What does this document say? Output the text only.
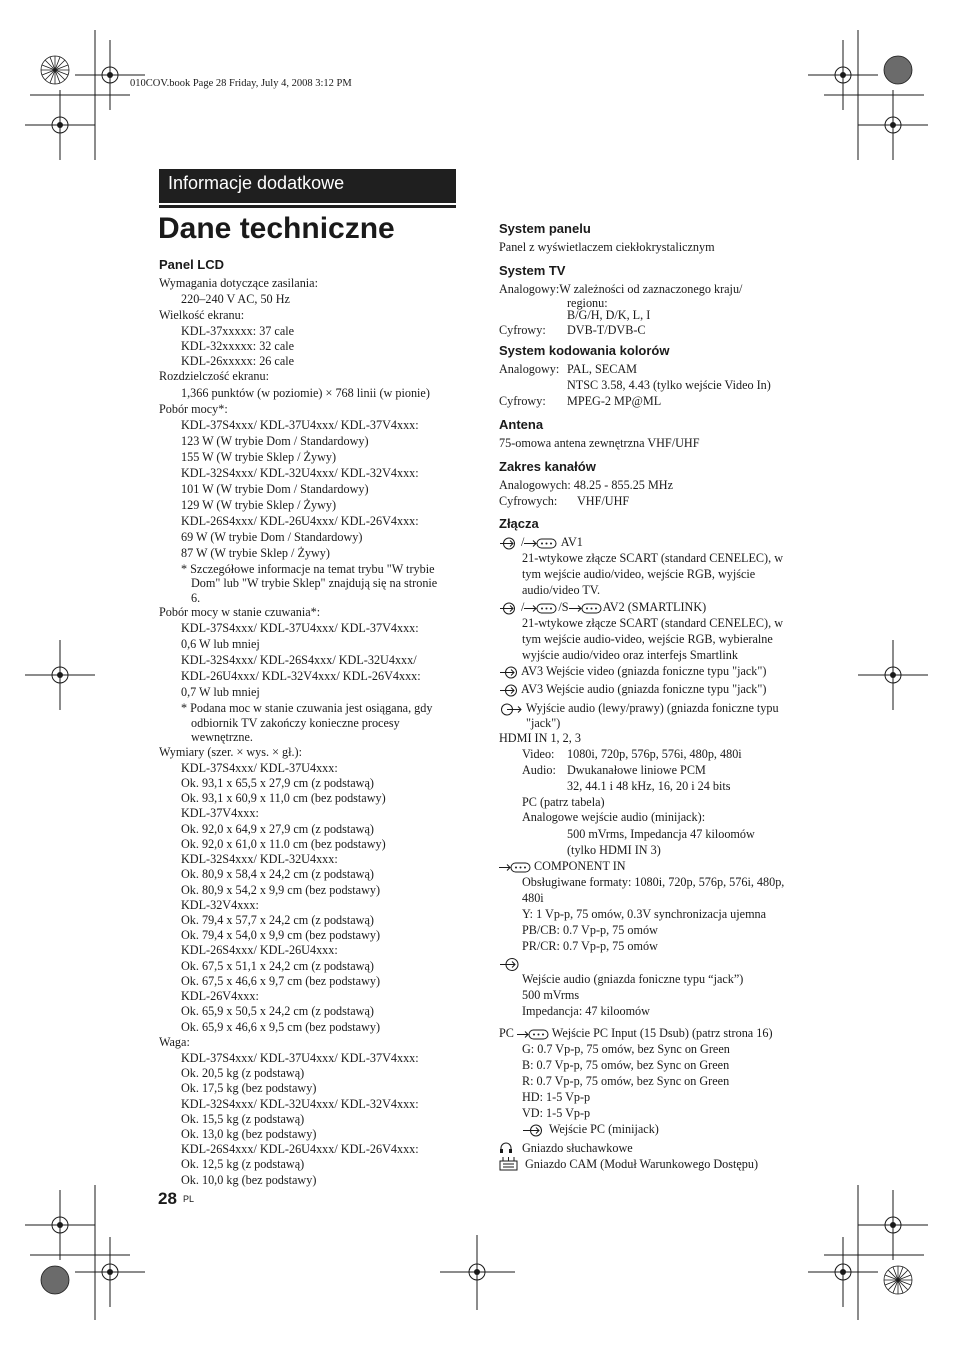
010COV.book Page 28 Friday, July 4, 2008 3:12 PM
Informacje dodatkowe
Dane techniczne
Panel LCD
Wymagania dotyczące zasilania:
220–240 V AC, 50 Hz
Wielkość ekranu:
KDL-37xxxxx: 37 cale
KDL-32xxxxx: 32 cale
KDL-26xxxxx: 26 cale
Rozdzielczość ekranu:
1,366 punktów (w poziomie) × 768 linii (w pionie)
Pobór mocy*:
KDL-37S4xxx/ KDL-37U4xxx/ KDL-37V4xxx:
123 W (W trybie Dom / Standardowy)
155 W (W trybie Sklep / Żywy)
KDL-32S4xxx/ KDL-32U4xxx/ KDL-32V4xxx:
101 W (W trybie Dom / Standardowy)
129 W (W trybie Sklep / Żywy)
KDL-26S4xxx/ KDL-26U4xxx/ KDL-26V4xxx:
69 W (W trybie Dom / Standardowy)
87 W (W trybie Sklep / Żywy)
* Szczegółowe informacje na temat trybu "W trybie
Dom" lub "W trybie Sklep" znajdują się na stronie
6.
Pobór mocy w stanie czuwania*:
KDL-37S4xxx/ KDL-37U4xxx/ KDL-37V4xxx:
0,6 W lub mniej
KDL-32S4xxx/ KDL-26S4xxx/ KDL-32U4xxx/
KDL-26U4xxx/ KDL-32V4xxx/ KDL-26V4xxx:
0,7 W lub mniej
* Podana moc w stanie czuwania jest osiągana, gdy
odbiornik TV zakończy konieczne procesy
wewnętrzne.
Wymiary (szer. × wys. × gł.):
KDL-37S4xxx/ KDL-37U4xxx:
Ok. 93,1 x 65,5 x 27,9 cm (z podstawą)
Ok. 93,1 x 60,9 x 11,0 cm (bez podstawy)
KDL-37V4xxx:
Ok. 92,0 x 64,9 x 27,9 cm (z podstawą)
Ok. 92,0 x 61,0 x 11.0 cm (bez podstawy)
KDL-32S4xxx/ KDL-32U4xxx:
Ok. 80,9 x 58,4 x 24,2 cm (z podstawą)
Ok. 80,9 x 54,2 x 9,9 cm (bez podstawy)
KDL-32V4xxx:
Ok. 79,4 x 57,7 x 24,2 cm (z podstawą)
Ok. 79,4 x 54,0 x 9,9 cm (bez podstawy)
KDL-26S4xxx/ KDL-26U4xxx:
Ok. 67,5 x 51,1 x 24,2 cm (z podstawą)
Ok. 67,5 x 46,6 x 9,7 cm (bez podstawy)
KDL-26V4xxx:
Ok. 65,9 x 50,5 x 24,2 cm (z podstawą)
Ok. 65,9 x 46,6 x 9,5 cm (bez podstawy)
Waga:
KDL-37S4xxx/ KDL-37U4xxx/ KDL-37V4xxx:
Ok. 20,5 kg (z podstawą)
Ok. 17,5 kg (bez podstawy)
KDL-32S4xxx/ KDL-32U4xxx/ KDL-32V4xxx:
Ok. 15,5 kg (z podstawą)
Ok. 13,0 kg (bez podstawy)
KDL-26S4xxx/ KDL-26U4xxx/ KDL-26V4xxx:
Ok. 12,5 kg (z podstawą)
Ok. 10,0 kg (bez podstawy)
28 PL
System panelu
Panel z wyświetlaczem ciekłokrystalicznym
System TV
Analogowy:W zależności od zaznaczonego kraju/
regionu:
B/G/H, D/K, L, I
Cyfrowy: DVB-T/DVB-C
System kodowania kolorów
Analogowy: PAL, SECAM
NTSC 3.58, 4.43 (tylko wejście Video In)
Cyfrowy: MPEG-2 MP@ML
Antena
75-omowa antena zewnętrzna VHF/UHF
Zakres kanałów
Analogowych: 48.25 - 855.25 MHz
Cyfrowych: VHF/UHF
Złącza
/	AV1
21-wtykowe złącze SCART (standard CENELEC), w
tym wejście audio/video, wejście RGB, wyjście
audio/video TV.
/	/S	AV2 (SMARTLINK)
21-wtykowe złącze SCART (standard CENELEC), w
tym wejście audio-video, wejście RGB, wybieralne
wyjście audio/video oraz interfejs Smartlink
AV3 Wejście video (gniazda foniczne typu "jack")
AV3 Wejście audio (gniazda foniczne typu "jack")
Wyjście audio (lewy/prawy) (gniazda foniczne typu
"jack")
HDMI IN 1, 2, 3
Video: 1080i, 720p, 576p, 576i, 480p, 480i
Audio: Dwukanałowe liniowe PCM
32, 44.1 i 48 kHz, 16, 20 i 24 bits
PC (patrz tabela)
Analogowe wejście audio (minijack):
500 mVrms, Impedancja 47 kiloomów
(tylko HDMI IN 3)
COMPONENT IN
Obsługiwane formaty: 1080i, 720p, 576p, 576i, 480p,
480i
Y: 1 Vp-p, 75 omów, 0.3V synchronizacja ujemna
PB/CB: 0.7 Vp-p, 75 omów
PR/CR: 0.7 Vp-p, 75 omów
Wejście audio (gniazda foniczne typu “jack”)
500 mVrms
Impedancja: 47 kiloomów
PC	Wejście PC Input (15 Dsub) (patrz strona 16)
G: 0.7 Vp-p, 75 omów, bez Sync on Green
B: 0.7 Vp-p, 75 omów, bez Sync on Green
R: 0.7 Vp-p, 75 omów, bez Sync on Green
HD: 1-5 Vp-p
VD: 1-5 Vp-p
Wejście PC (minijack)
Gniazdo słuchawkowe
Gniazdo CAM (Moduł Warunkowego Dostępu)
